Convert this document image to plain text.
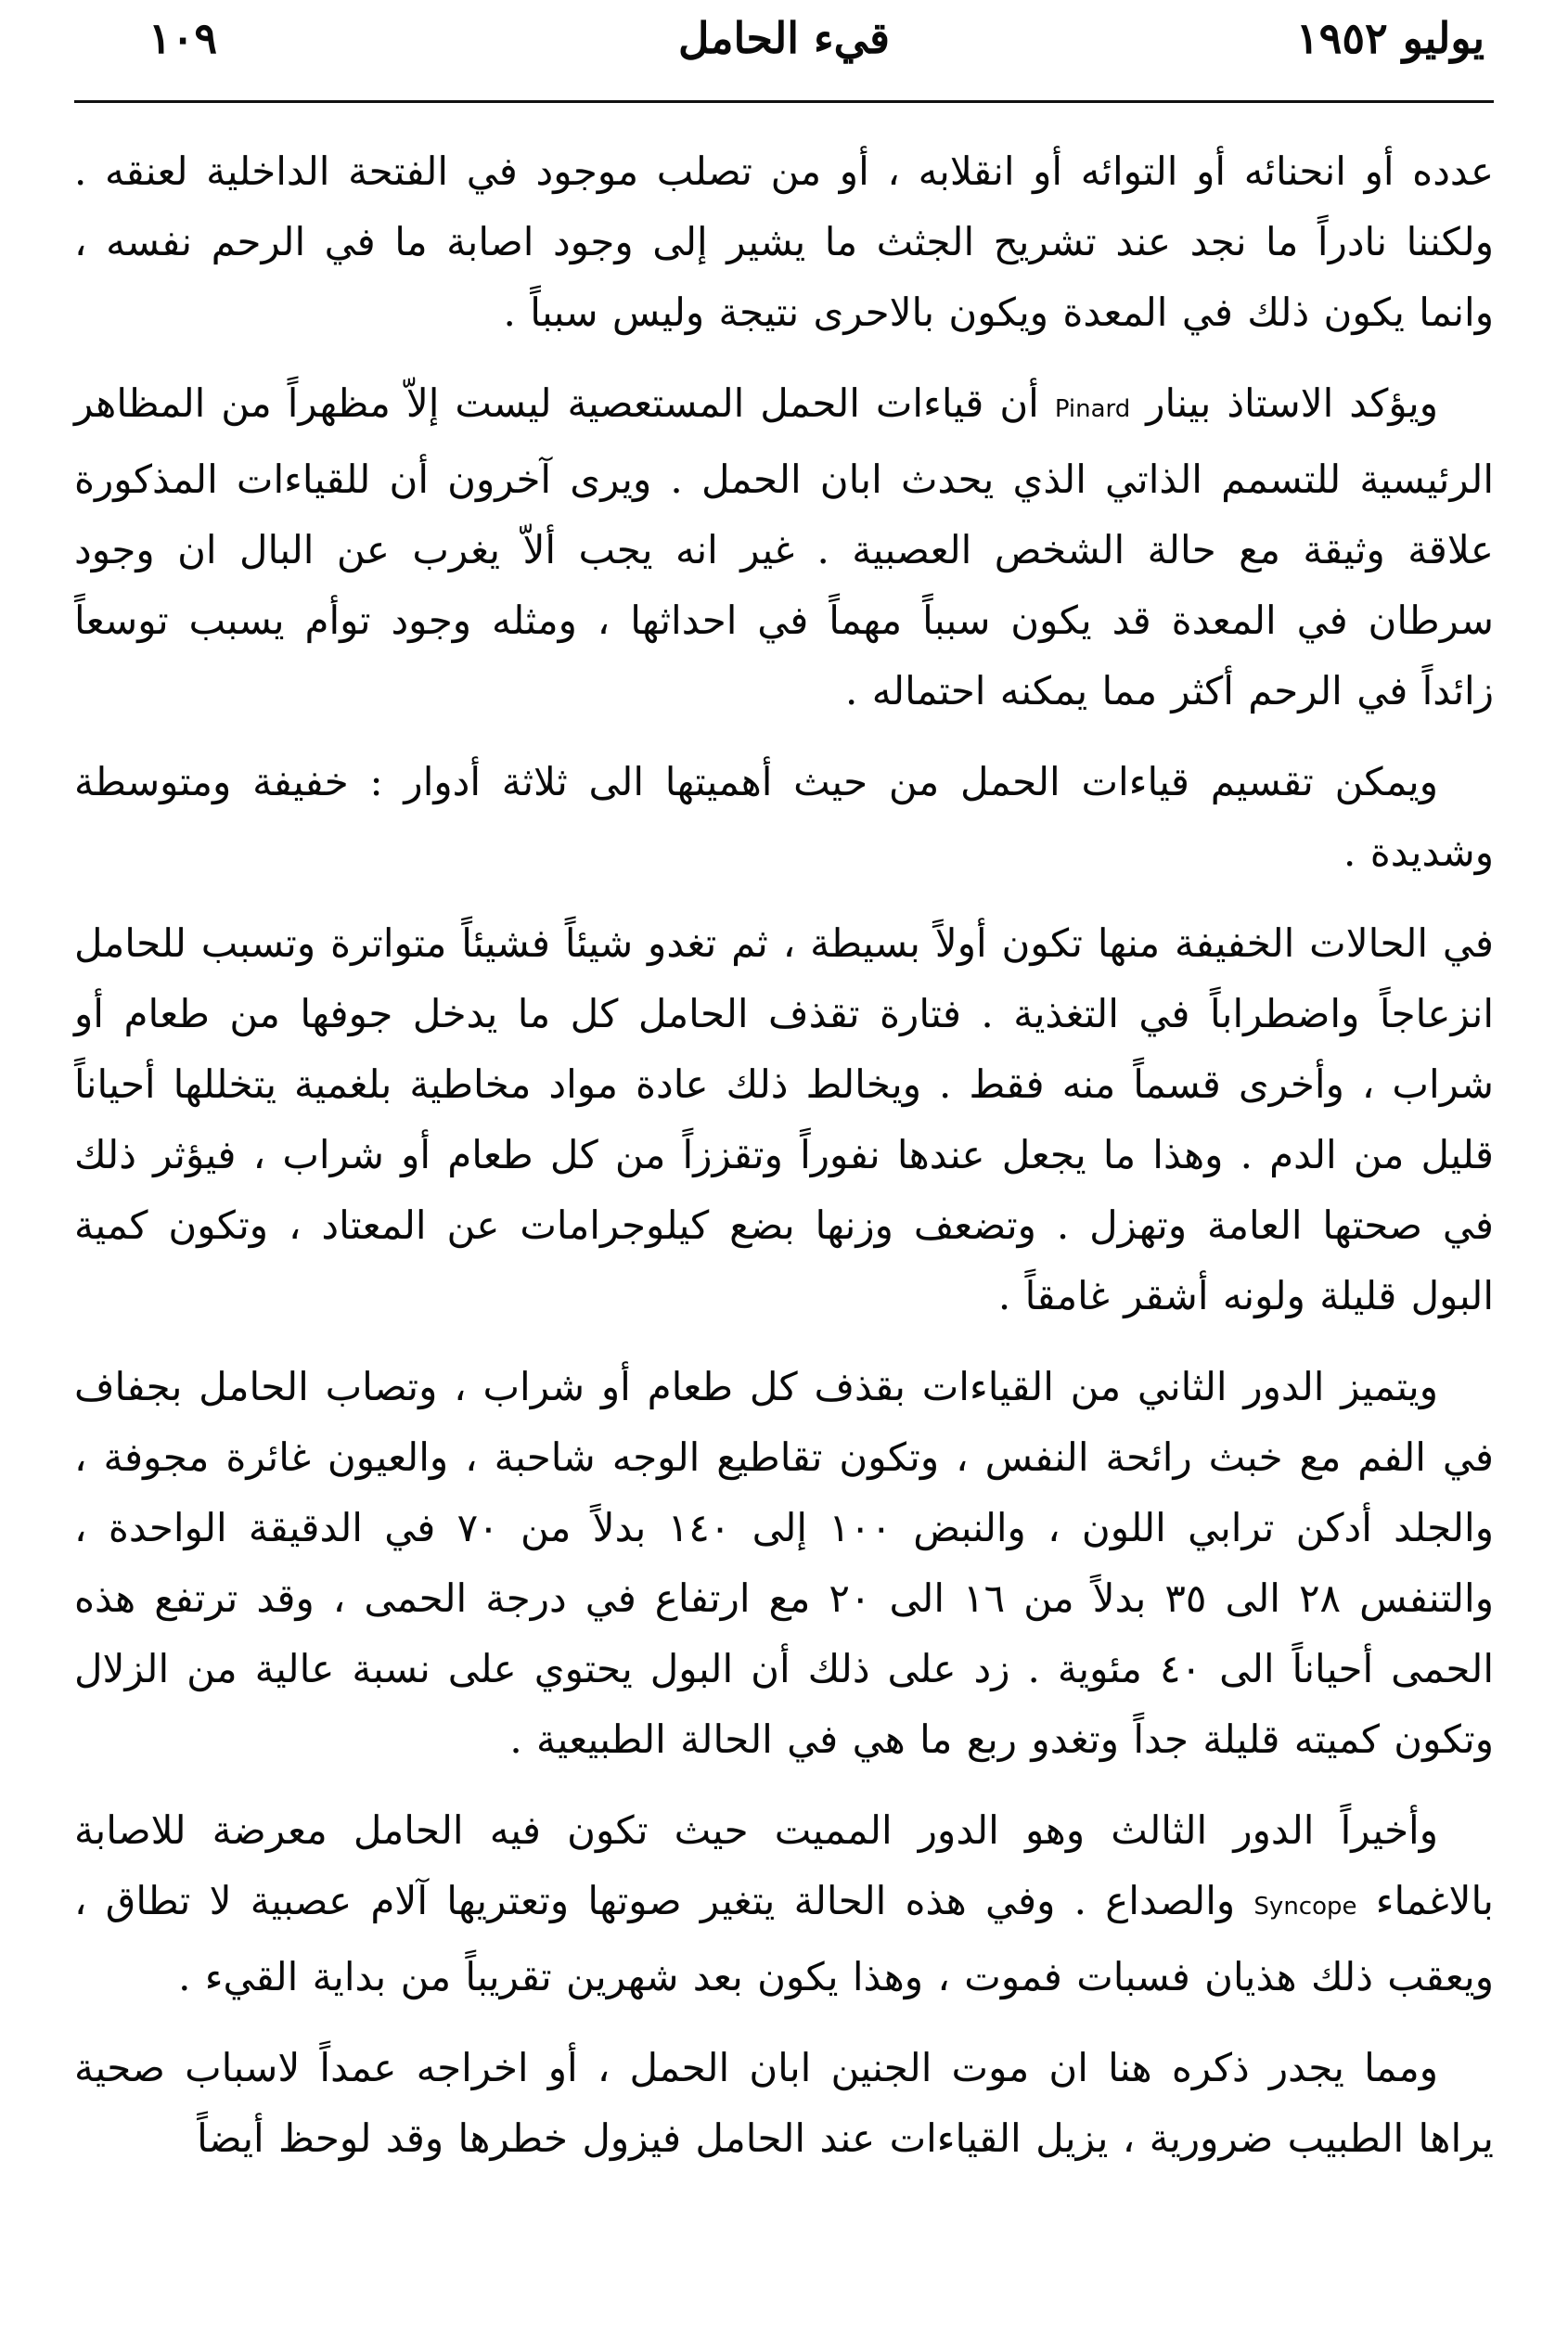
يوليو ١٩٥٢
قيء الحامل
١٠٩

عدده أو انحنائه أو التوائه أو انقلابه ، أو من تصلب موجود في الفتحة الداخلية لعنقه . ولكننا نادراً ما نجد عند تشريح الجثث ما يشير إلى وجود اصابة ما في الرحم نفسه ، وانما يكون ذلك في المعدة ويكون بالاحرى نتيجة وليس سبباً .

ويؤكد الاستاذ بينار Pinard أن قياءات الحمل المستعصية ليست إلاّ مظهراً من المظاهر الرئيسية للتسمم الذاتي الذي يحدث ابان الحمل . ويرى آخرون أن للقياءات المذكورة علاقة وثيقة مع حالة الشخص العصبية . غير انه يجب ألاّ يغرب عن البال ان وجود سرطان في المعدة قد يكون سبباً مهماً في احداثها ، ومثله وجود توأم يسبب توسعاً زائداً في الرحم أكثر مما يمكنه احتماله .

ويمكن تقسيم قياءات الحمل من حيث أهميتها الى ثلاثة أدوار : خفيفة ومتوسطة وشديدة .

في الحالات الخفيفة منها تكون أولاً بسيطة ، ثم تغدو شيئاً فشيئاً متواترة وتسبب للحامل انزعاجاً واضطراباً في التغذية . فتارة تقذف الحامل كل ما يدخل جوفها من طعام أو شراب ، وأخرى قسماً منه فقط . ويخالط ذلك عادة مواد مخاطية بلغمية يتخللها أحياناً قليل من الدم . وهذا ما يجعل عندها نفوراً وتقززاً من كل طعام أو شراب ، فيؤثر ذلك في صحتها العامة وتهزل . وتضعف وزنها بضع كيلوجرامات عن المعتاد ، وتكون كمية البول قليلة ولونه أشقر غامقاً .

ويتميز الدور الثاني من القياءات بقذف كل طعام أو شراب ، وتصاب الحامل بجفاف في الفم مع خبث رائحة النفس ، وتكون تقاطيع الوجه شاحبة ، والعيون غائرة مجوفة ، والجلد أدكن ترابي اللون ، والنبض ١٠٠ إلى ١٤٠ بدلاً من ٧٠ في الدقيقة الواحدة ، والتنفس ٢٨ الى ٣٥ بدلاً من ١٦ الى ٢٠ مع ارتفاع في درجة الحمى ، وقد ترتفع هذه الحمى أحياناً الى ٤٠ مئوية . زد على ذلك أن البول يحتوي على نسبة عالية من الزلال وتكون كميته قليلة جداً وتغدو ربع ما هي في الحالة الطبيعية .

وأخيراً الدور الثالث وهو الدور المميت حيث تكون فيه الحامل معرضة للاصابة بالاغماء Syncope والصداع . وفي هذه الحالة يتغير صوتها وتعتريها آلام عصبية لا تطاق ، ويعقب ذلك هذيان فسبات فموت ، وهذا يكون بعد شهرين تقريباً من بداية القيء .

ومما يجدر ذكره هنا ان موت الجنين ابان الحمل ، أو اخراجه عمداً لاسباب صحية يراها الطبيب ضرورية ، يزيل القياءات عند الحامل فيزول خطرها وقد لوحظ أيضاً
